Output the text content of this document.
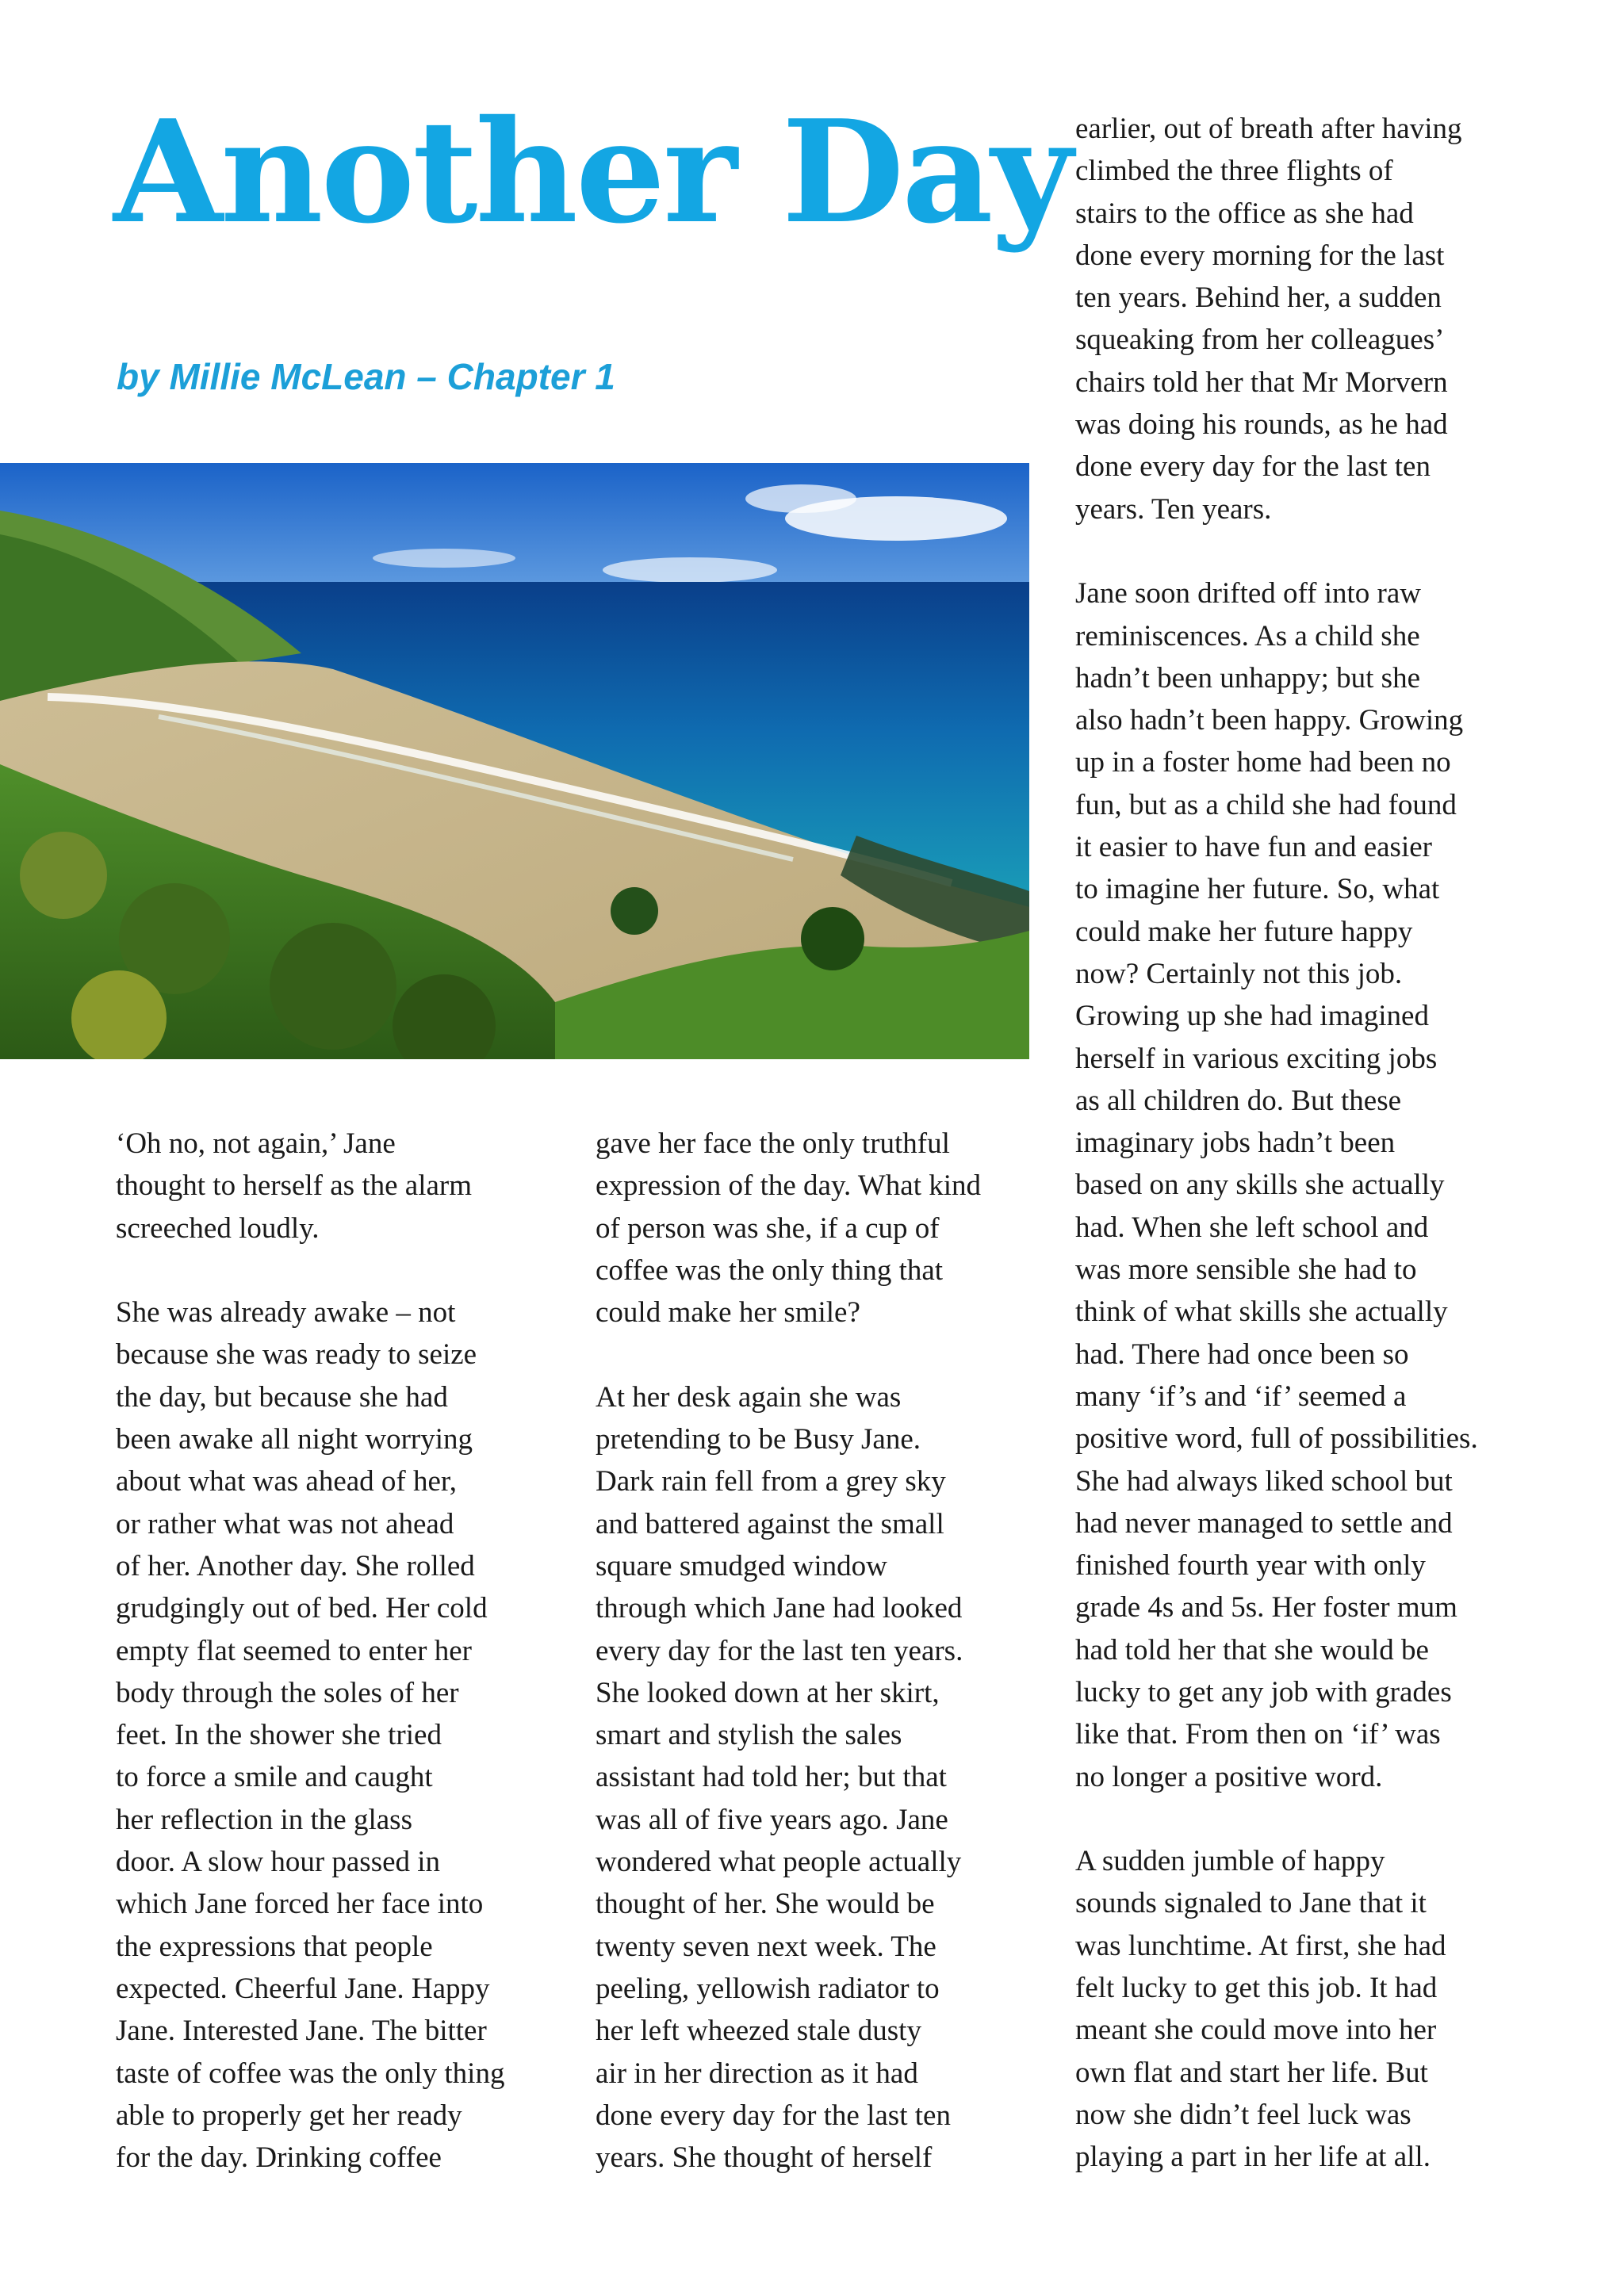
Another Day
by Millie McLean – Chapter 1

‘Oh no, not again,’ Jane
thought to herself as the alarm
screeched loudly.

She was already awake – not
because she was ready to seize
the day, but because she had
been awake all night worrying
about what was ahead of her,
or rather what was not ahead
of her. Another day. She rolled
grudgingly out of bed. Her cold
empty flat seemed to enter her
body through the soles of her
feet. In the shower she tried
to force a smile and caught
her reflection in the glass
door. A slow hour passed in
which Jane forced her face into
the expressions that people
expected. Cheerful Jane. Happy
Jane. Interested Jane. The bitter
taste of coffee was the only thing
able to properly get her ready
for the day. Drinking coffee

gave her face the only truthful
expression of the day. What kind
of person was she, if a cup of
coffee was the only thing that
could make her smile?

At her desk again she was
pretending to be Busy Jane.
Dark rain fell from a grey sky
and battered against the small
square smudged window
through which Jane had looked
every day for the last ten years.
She looked down at her skirt,
smart and stylish the sales
assistant had told her; but that
was all of five years ago. Jane
wondered what people actually
thought of her. She would be
twenty seven next week. The
peeling, yellowish radiator to
her left wheezed stale dusty
air in her direction as it had
done every day for the last ten
years. She thought of herself

earlier, out of breath after having
climbed the three flights of
stairs to the office as she had
done every morning for the last
ten years. Behind her, a sudden
squeaking from her colleagues’
chairs told her that Mr Morvern
was doing his rounds, as he had
done every day for the last ten
years. Ten years.

Jane soon drifted off into raw
reminiscences. As a child she
hadn’t been unhappy; but she
also hadn’t been happy. Growing
up in a foster home had been no
fun, but as a child she had found
it easier to have fun and easier
to imagine her future. So, what
could make her future happy
now? Certainly not this job.
Growing up she had imagined
herself in various exciting jobs
as all children do. But these
imaginary jobs hadn’t been
based on any skills she actually
had. When she left school and
was more sensible she had to
think of what skills she actually
had. There had once been so
many ‘if’s and ‘if’ seemed a
positive word, full of possibilities.
She had always liked school but
had never managed to settle and
finished fourth year with only
grade 4s and 5s. Her foster mum
had told her that she would be
lucky to get any job with grades
like that. From then on ‘if’ was
no longer a positive word.

A sudden jumble of happy
sounds signaled to Jane that it
was lunchtime. At first, she had
felt lucky to get this job. It had
meant she could move into her
own flat and start her life. But
now she didn’t feel luck was
playing a part in her life at all.
